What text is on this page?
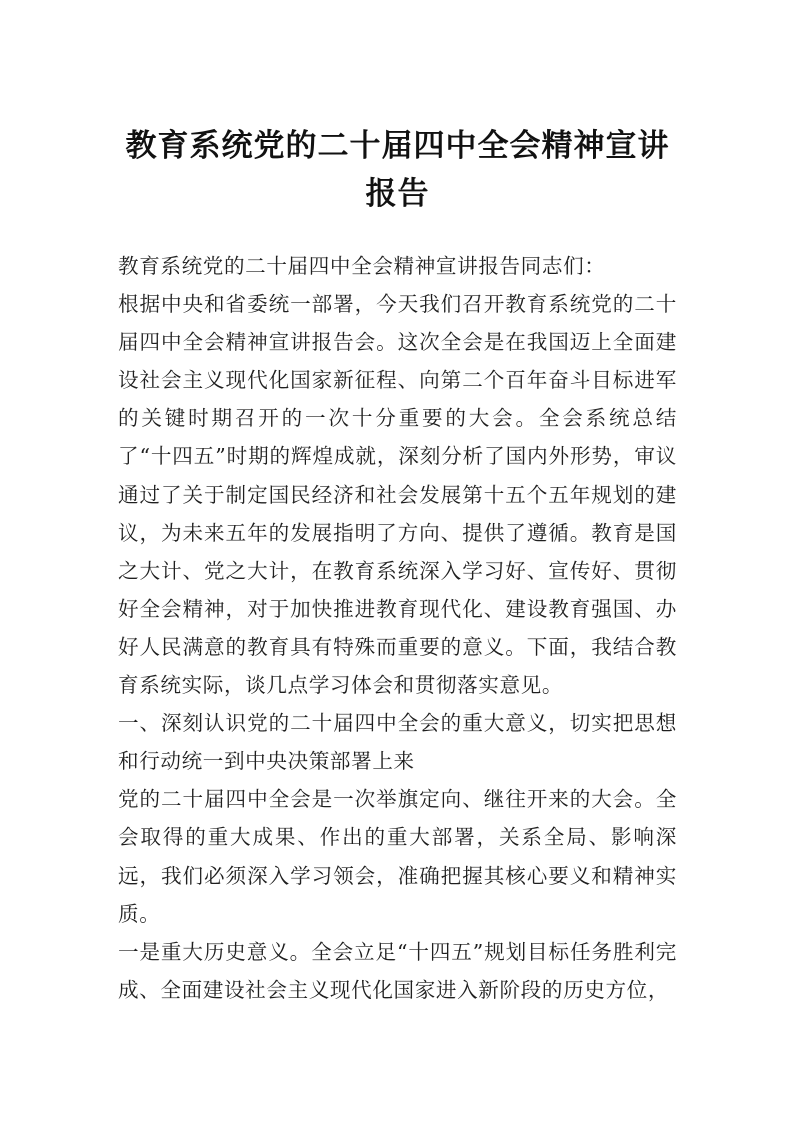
教育系统党的二十届四中全会精神宣讲报告

教育系统党的二十届四中全会精神宣讲报告同志们：

根据中央和省委统一部署，今天我们召开教育系统党的二十届四中全会精神宣讲报告会。这次全会是在我国迈上全面建设社会主义现代化国家新征程、向第二个百年奋斗目标进军的关键时期召开的一次十分重要的大会。全会系统总结了“十四五”时期的辉煌成就，深刻分析了国内外形势，审议通过了关于制定国民经济和社会发展第十五个五年规划的建议，为未来五年的发展指明了方向、提供了遵循。教育是国之大计、党之大计，在教育系统深入学习好、宣传好、贯彻好全会精神，对于加快推进教育现代化、建设教育强国、办好人民满意的教育具有特殊而重要的意义。下面，我结合教育系统实际，谈几点学习体会和贯彻落实意见。

一、深刻认识党的二十届四中全会的重大意义，切实把思想和行动统一到中央决策部署上来

党的二十届四中全会是一次举旗定向、继往开来的大会。全会取得的重大成果、作出的重大部署，关系全局、影响深远，我们必须深入学习领会，准确把握其核心要义和精神实质。

一是重大历史意义。全会立足“十四五”规划目标任务胜利完成、全面建设社会主义现代化国家进入新阶段的历史方位，
